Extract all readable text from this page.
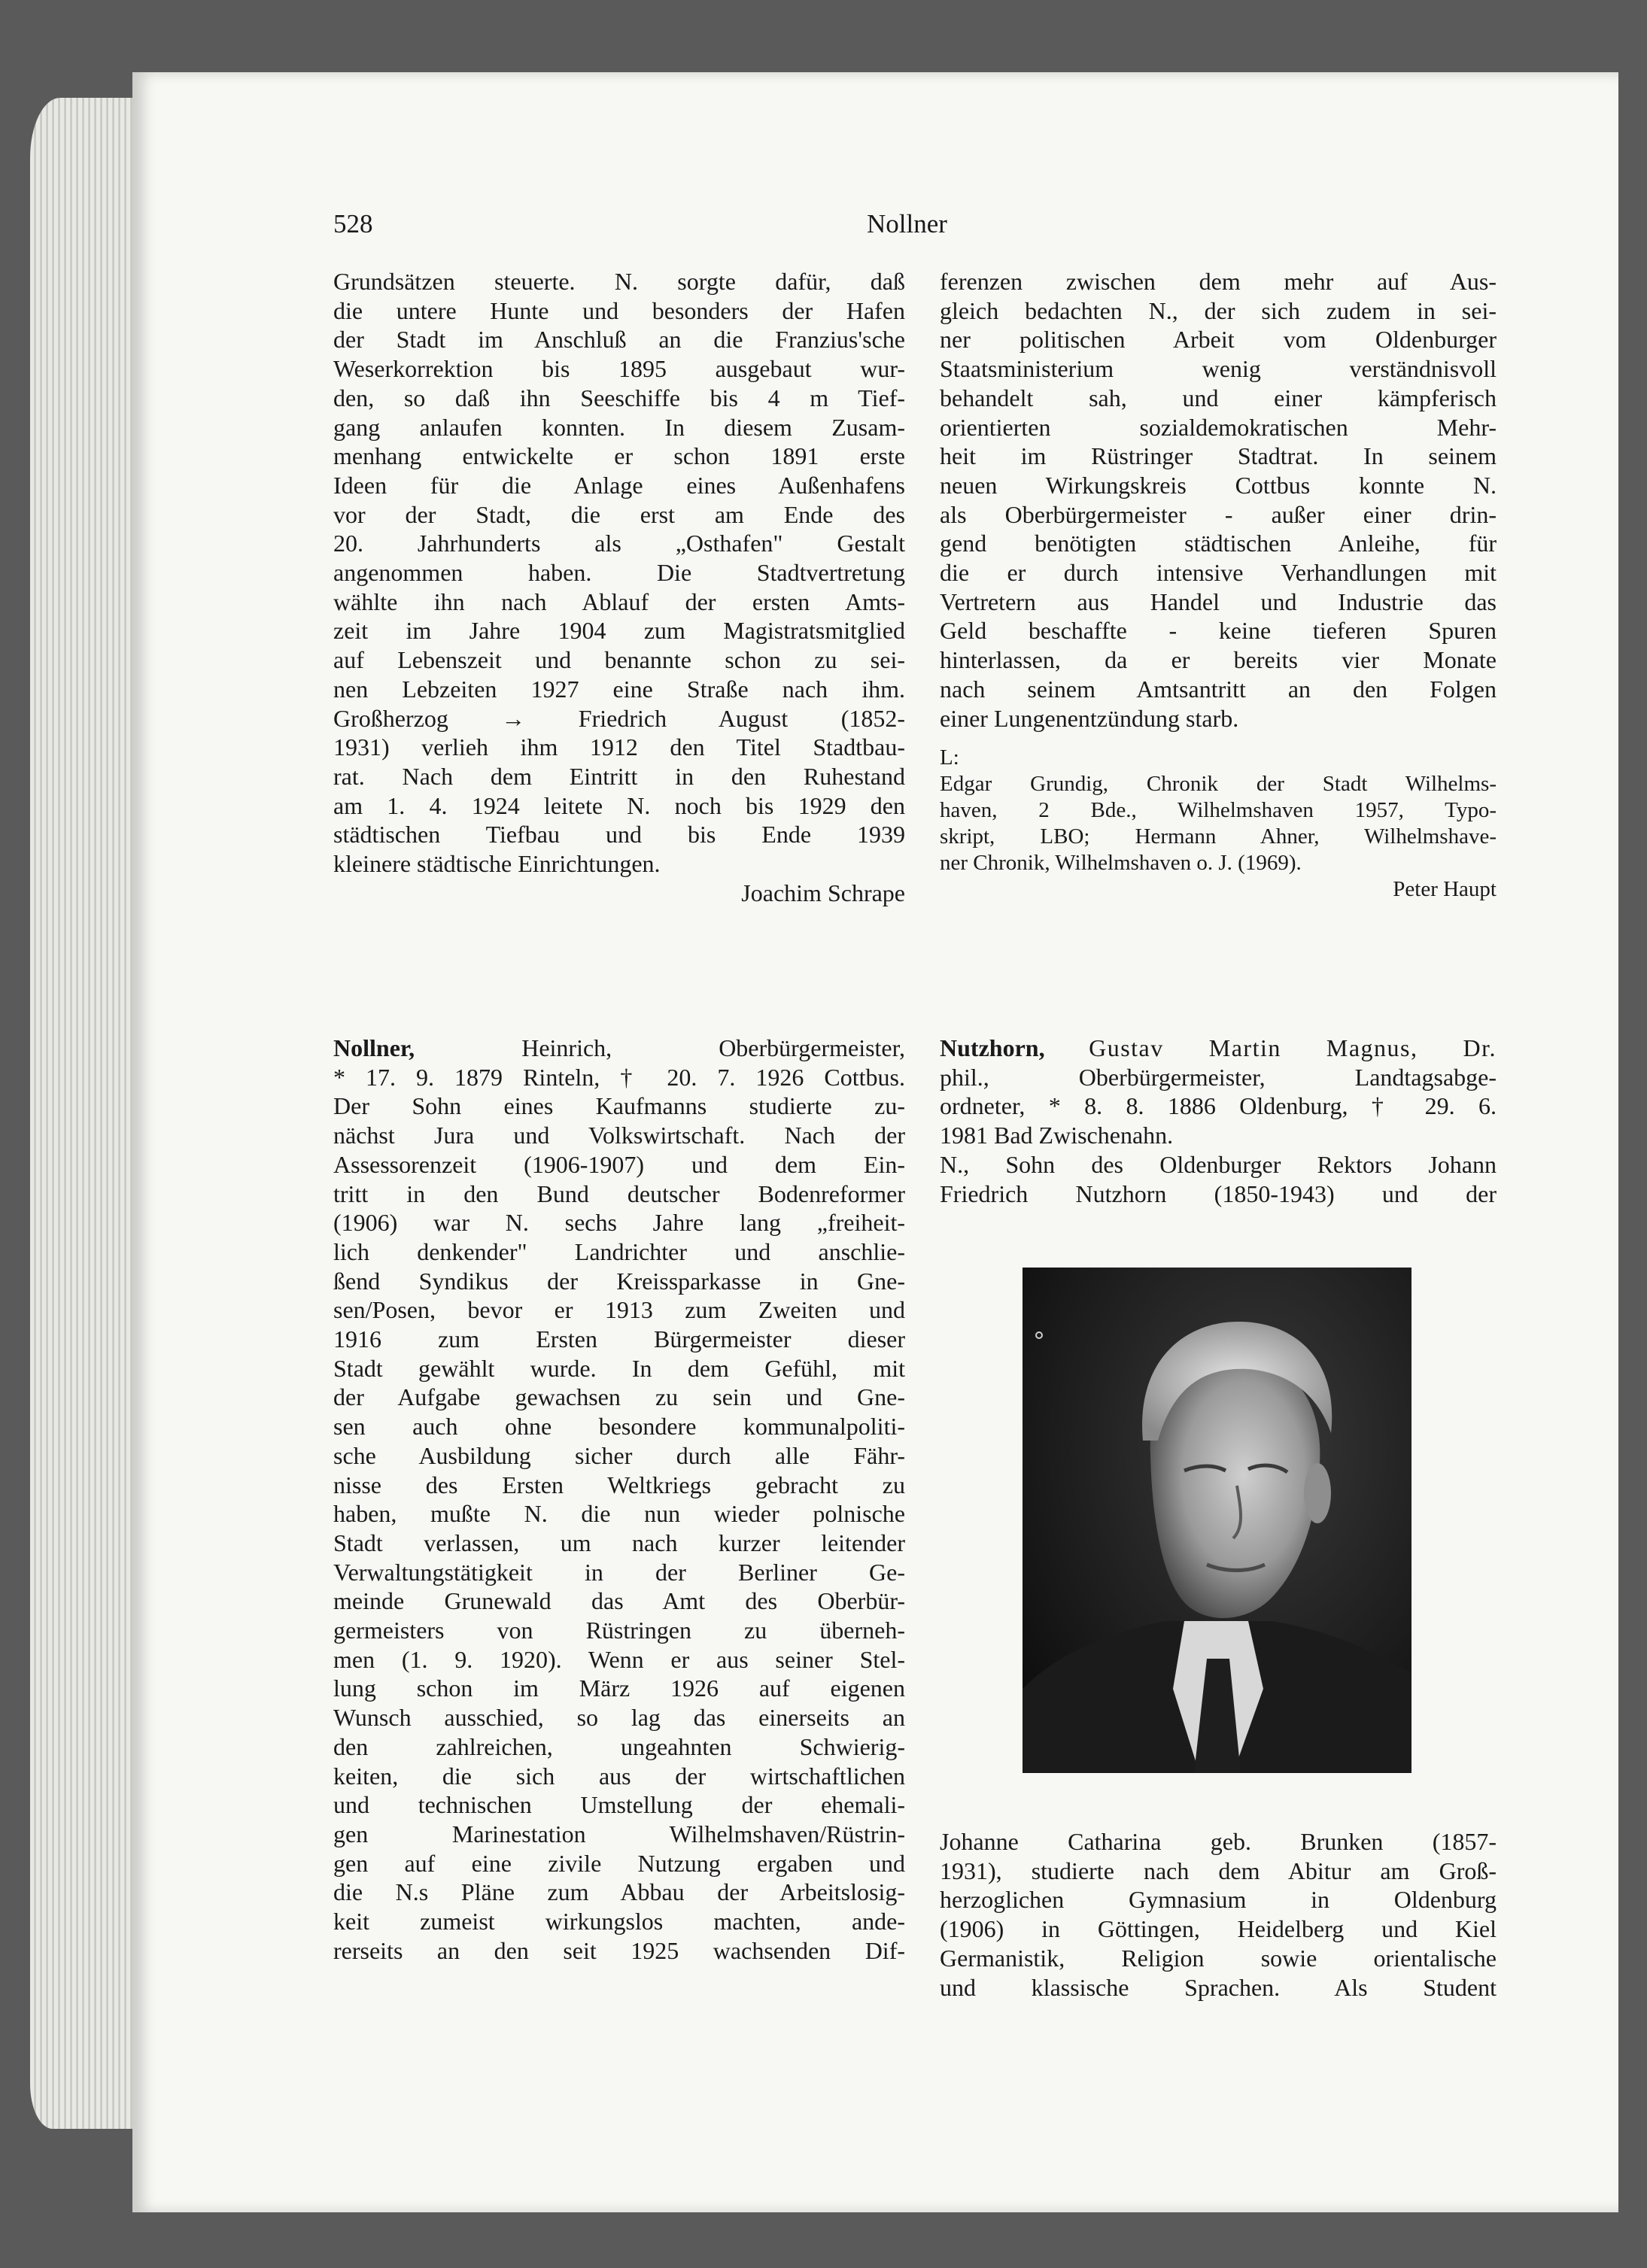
528	Nollner

Grundsätzen steuerte. N. sorgte dafür, daß

die untere Hunte und besonders der Hafen

der Stadt im Anschluß an die Franzius'sche

Weserkorrektion bis 1895 ausgebaut wur-

den, so daß ihn Seeschiffe bis 4 m Tief-

gang anlaufen konnten. In diesem Zusam-

menhang entwickelte er schon 1891 erste

Ideen für die Anlage eines Außenhafens

vor der Stadt, die erst am Ende des

20. Jahrhunderts als „Osthafen" Gestalt

angenommen haben. Die Stadtvertretung

wählte ihn nach Ablauf der ersten Amts-

zeit im Jahre 1904 zum Magistratsmitglied

auf Lebenszeit und benannte schon zu sei-

nen Lebzeiten 1927 eine Straße nach ihm.

Großherzog → Friedrich August (1852-

1931) verlieh ihm 1912 den Titel Stadtbau-

rat. Nach dem Eintritt in den Ruhestand

am 1. 4. 1924 leitete N. noch bis 1929 den

städtischen Tiefbau und bis Ende 1939

kleinere städtische Einrichtungen.

Joachim Schrape

ferenzen zwischen dem mehr auf Aus-

gleich bedachten N., der sich zudem in sei-

ner politischen Arbeit vom Oldenburger

Staatsministerium wenig verständnisvoll

behandelt sah, und einer kämpferisch

orientierten sozialdemokratischen Mehr-

heit im Rüstringer Stadtrat. In seinem

neuen Wirkungskreis Cottbus konnte N.

als Oberbürgermeister - außer einer drin-

gend benötigten städtischen Anleihe, für

die er durch intensive Verhandlungen mit

Vertretern aus Handel und Industrie das

Geld beschaffte - keine tieferen Spuren

hinterlassen, da er bereits vier Monate

nach seinem Amtsantritt an den Folgen

einer Lungenentzündung starb.

L:

Edgar Grundig, Chronik der Stadt Wilhelms-

haven, 2 Bde., Wilhelmshaven 1957, Typo-

skript, LBO; Hermann Ahner, Wilhelmshave-

ner Chronik, Wilhelmshaven o. J. (1969).

Peter Haupt

Nollner,	Heinrich, Oberbürgermeister,

* 17. 9. 1879 Rinteln, † 20. 7. 1926 Cottbus.

Der Sohn eines Kaufmanns studierte zu-

nächst Jura und Volkswirtschaft. Nach der

Assessorenzeit (1906-1907) und dem Ein-

tritt in den Bund deutscher Bodenreformer

(1906) war N. sechs Jahre lang „freiheit-

lich denkender" Landrichter und anschlie-

ßend Syndikus der Kreissparkasse in Gne-

sen/Posen, bevor er 1913 zum Zweiten und

1916 zum Ersten Bürgermeister dieser

Stadt gewählt wurde. In dem Gefühl, mit

der Aufgabe gewachsen zu sein und Gne-

sen auch ohne besondere kommunalpoliti-

sche Ausbildung sicher durch alle Fähr-

nisse des Ersten Weltkriegs gebracht zu

haben, mußte N. die nun wieder polnische

Stadt verlassen, um nach kurzer leitender

Verwaltungstätigkeit in der Berliner Ge-

meinde Grunewald das Amt des Oberbür-

germeisters von Rüstringen zu überneh-

men (1. 9. 1920). Wenn er aus seiner Stel-

lung schon im März 1926 auf eigenen

Wunsch ausschied, so lag das einerseits an

den zahlreichen, ungeahnten Schwierig-

keiten, die sich aus der wirtschaftlichen

und technischen Umstellung der ehemali-

gen Marinestation Wilhelmshaven/Rüstrin-

gen auf eine zivile Nutzung ergaben und

die N.s Pläne zum Abbau der Arbeitslosig-

keit zumeist wirkungslos machten, ande-

rerseits an den seit 1925 wachsenden Dif-

Nutzhorn, Gustav Martin Magnus, Dr.

phil., Oberbürgermeister, Landtagsabge-

ordneter, * 8. 8. 1886 Oldenburg, † 29. 6.

1981 Bad Zwischenahn.

N., Sohn des Oldenburger Rektors Johann

Friedrich Nutzhorn (1850-1943) und der

Johanne Catharina geb. Brunken (1857-

1931), studierte nach dem Abitur am Groß-

herzoglichen Gymnasium in Oldenburg

(1906) in Göttingen, Heidelberg und Kiel

Germanistik, Religion sowie orientalische

und klassische Sprachen. Als Student
